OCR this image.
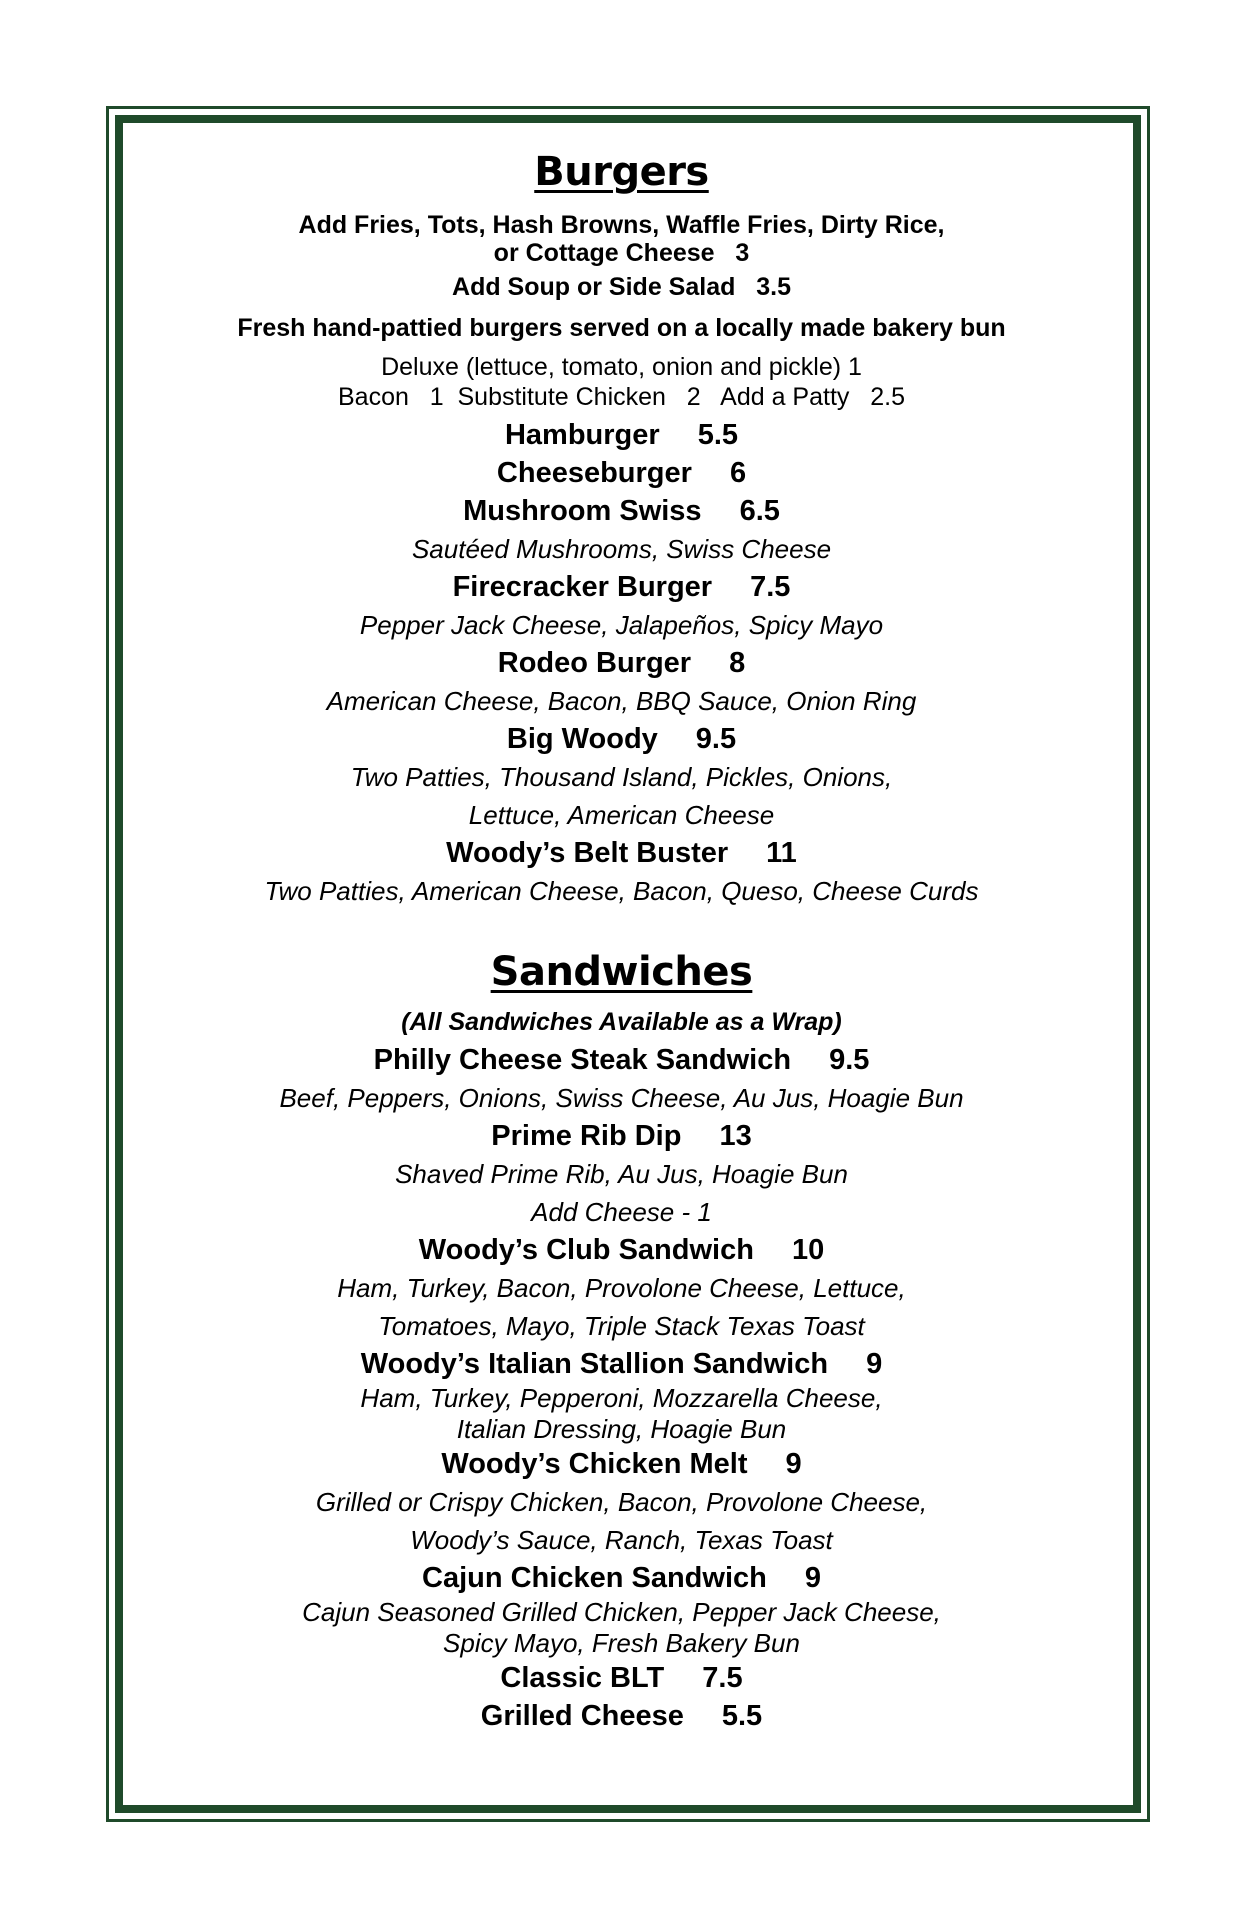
Burgers
Add Fries, Tots, Hash Browns, Waffle Fries, Dirty Rice,
or Cottage Cheese   3
Add Soup or Side Salad   3.5
Fresh hand-pattied burgers served on a locally made bakery bun
Deluxe (lettuce, tomato, onion and pickle) 1
Bacon   1  Substitute Chicken   2   Add a Patty   2.5
Hamburger 5.5
Cheeseburger 6
Mushroom Swiss 6.5
Sautéed Mushrooms, Swiss Cheese
Firecracker Burger 7.5
Pepper Jack Cheese, Jalapeños, Spicy Mayo
Rodeo Burger 8
American Cheese, Bacon, BBQ Sauce, Onion Ring
Big Woody 9.5
Two Patties, Thousand Island, Pickles, Onions,
Lettuce, American Cheese
Woody’s Belt Buster 11
Two Patties, American Cheese, Bacon, Queso, Cheese Curds
Sandwiches
(All Sandwiches Available as a Wrap)
Philly Cheese Steak Sandwich 9.5
Beef, Peppers, Onions, Swiss Cheese, Au Jus, Hoagie Bun
Prime Rib Dip 13
Shaved Prime Rib, Au Jus, Hoagie Bun
Add Cheese - 1
Woody’s Club Sandwich 10
Ham, Turkey, Bacon, Provolone Cheese, Lettuce,
Tomatoes, Mayo, Triple Stack Texas Toast
Woody’s Italian Stallion Sandwich 9
Ham, Turkey, Pepperoni, Mozzarella Cheese,
Italian Dressing, Hoagie Bun
Woody’s Chicken Melt 9
Grilled or Crispy Chicken, Bacon, Provolone Cheese,
Woody’s Sauce, Ranch, Texas Toast
Cajun Chicken Sandwich 9
Cajun Seasoned Grilled Chicken, Pepper Jack Cheese,
Spicy Mayo, Fresh Bakery Bun
Classic BLT 7.5
Grilled Cheese 5.5
